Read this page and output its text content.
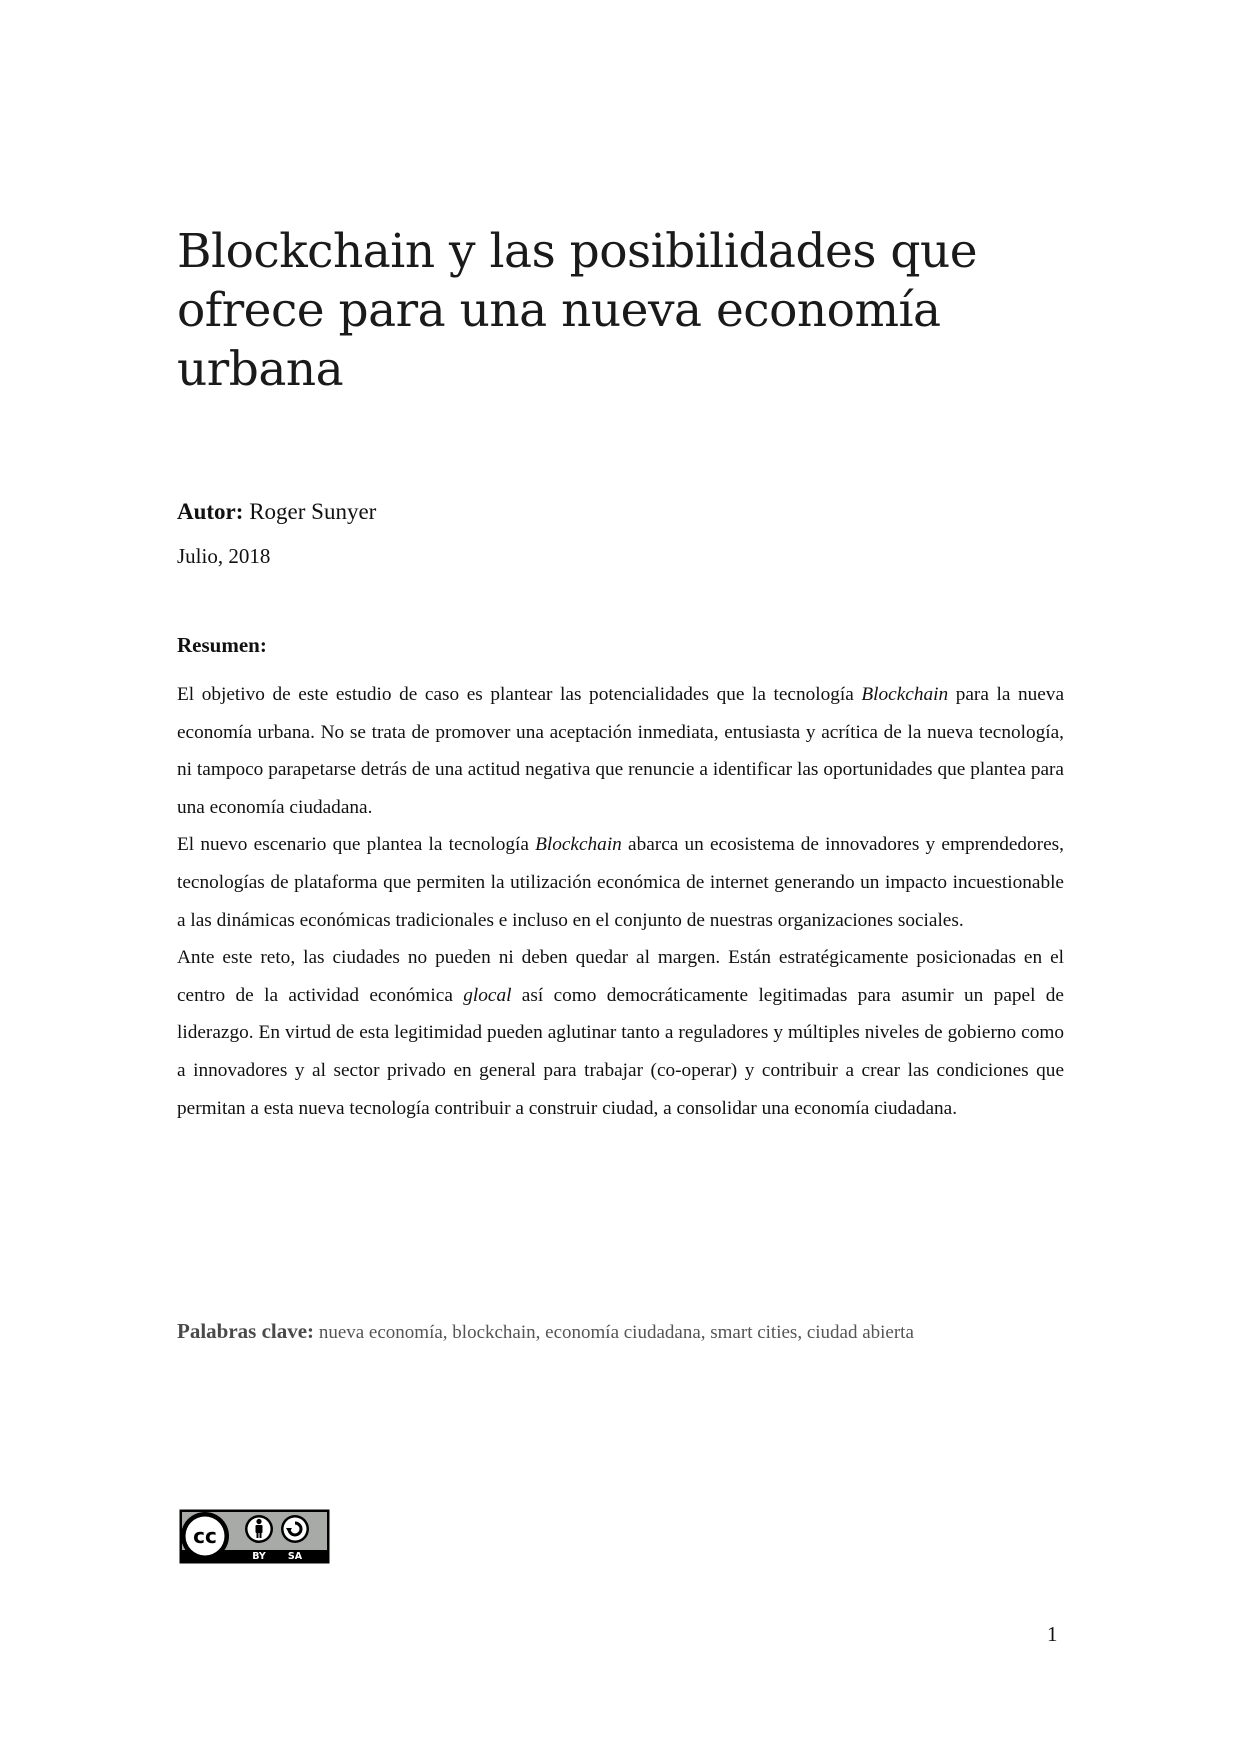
Blockchain y las posibilidades que ofrece para una nueva economía urbana

Autor: Roger Sunyer

Julio, 2018

Resumen:

El objetivo de este estudio de caso es plantear las potencialidades que la tecnología Blockchain para la nueva economía urbana. No se trata de promover una aceptación inmediata, entusiasta y acrítica de la nueva tecnología, ni tampoco parapetarse detrás de una actitud negativa que renuncie a identificar las oportunidades que plantea para una economía ciudadana.

El nuevo escenario que plantea la tecnología Blockchain abarca un ecosistema de innovadores y emprendedores, tecnologías de plataforma que permiten la utilización económica de internet generando un impacto incuestionable a las dinámicas económicas tradicionales e incluso en el conjunto de nuestras organizaciones sociales.

Ante este reto, las ciudades no pueden ni deben quedar al margen. Están estratégicamente posicionadas en el centro de la actividad económica glocal así como democráticamente legitimadas para asumir un papel de liderazgo. En virtud de esta legitimidad pueden aglutinar tanto a reguladores y múltiples niveles de gobierno como a innovadores y al sector privado en general para trabajar (co-operar) y contribuir a crear las condiciones que permitan a esta nueva tecnología contribuir a construir ciudad, a consolidar una economía ciudadana.

Palabras clave: nueva economía, blockchain, economía ciudadana, smart cities, ciudad abierta

cc
BY SA

1
